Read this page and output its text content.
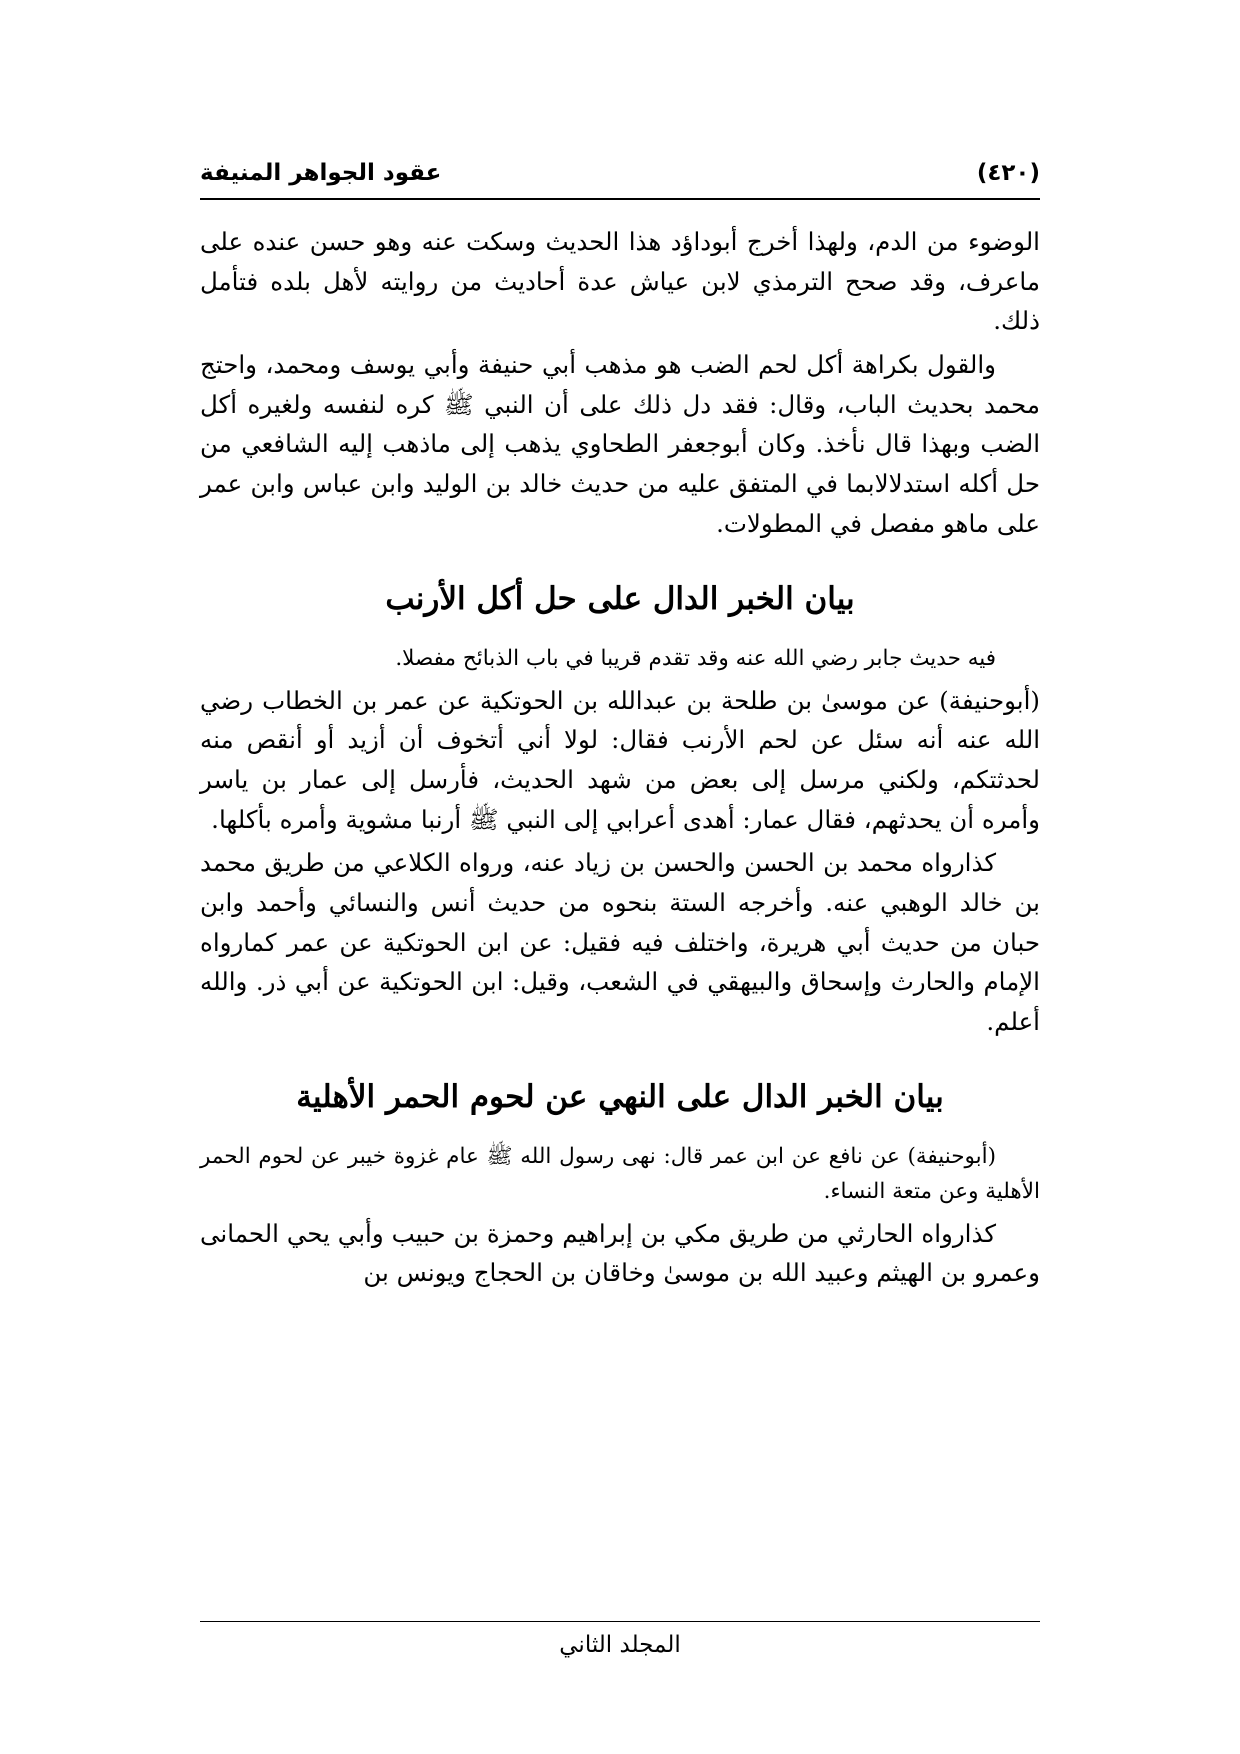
عقود الجواهر المنيفة	(٤٢٠)

الوضوء من الدم، ولهذا أخرج أبوداؤد هذا الحديث وسكت عنه وهو حسن عنده على ماعرف، وقد صحح الترمذي لابن عياش عدة أحاديث من روايته لأهل بلده فتأمل ذلك.

والقول بكراهة أكل لحم الضب هو مذهب أبي حنيفة وأبي يوسف ومحمد، واحتج محمد بحديث الباب، وقال: فقد دل ذلك على أن النبي ﷺ كره لنفسه ولغيره أكل الضب وبهذا قال نأخذ. وكان أبوجعفر الطحاوي يذهب إلى ماذهب إليه الشافعي من حل أكله استدلالابما في المتفق عليه من حديث خالد بن الوليد وابن عباس وابن عمر على ماهو مفصل في المطولات.

بيان الخبر الدال على حل أكل الأرنب

فيه حديث جابر رضي الله عنه وقد تقدم قريبا في باب الذبائح مفصلا.

(أبوحنيفة) عن موسىٰ بن طلحة بن عبدالله بن الحوتكية عن عمر بن الخطاب رضي الله عنه أنه سئل عن لحم الأرنب فقال: لولا أني أتخوف أن أزيد أو أنقص منه لحدثتكم، ولكني مرسل إلى بعض من شهد الحديث، فأرسل إلى عمار بن ياسر وأمره أن يحدثهم، فقال عمار: أهدى أعرابي إلى النبي ﷺ أرنبا مشوية وأمره بأكلها.

كذارواه محمد بن الحسن والحسن بن زياد عنه، ورواه الكلاعي من طريق محمد بن خالد الوهبي عنه. وأخرجه الستة بنحوه من حديث أنس والنسائي وأحمد وابن حبان من حديث أبي هريرة، واختلف فيه فقيل: عن ابن الحوتكية عن عمر كمارواه الإمام والحارث وإسحاق والبيهقي في الشعب، وقيل: ابن الحوتكية عن أبي ذر. والله أعلم.

بيان الخبر الدال على النهي عن لحوم الحمر الأهلية

(أبوحنيفة) عن نافع عن ابن عمر قال: نهى رسول الله ﷺ عام غزوة خيبر عن لحوم الحمر الأهلية وعن متعة النساء.

كذارواه الحارثي من طريق مكي بن إبراهيم وحمزة بن حبيب وأبي يحي الحمانى وعمرو بن الهيثم وعبيد الله بن موسىٰ وخاقان بن الحجاج ويونس بن

المجلد الثاني
